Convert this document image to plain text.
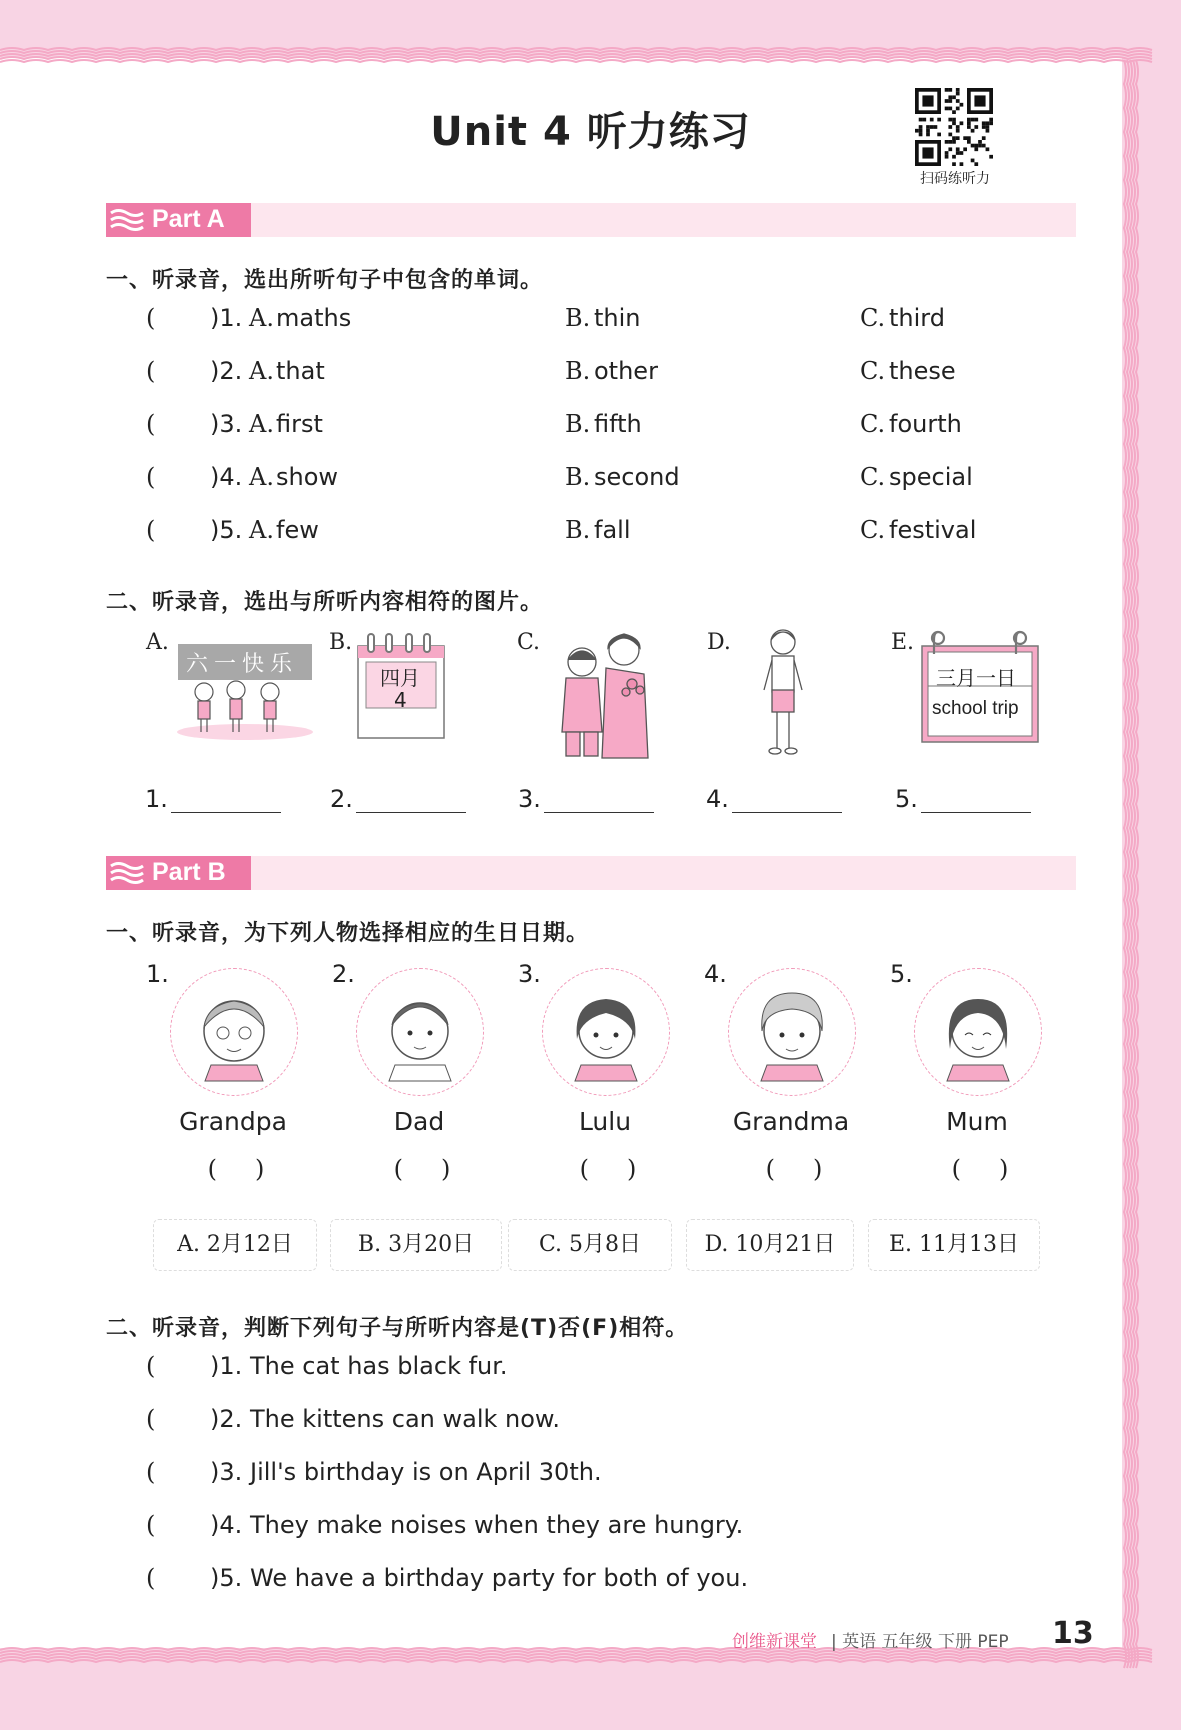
Unit 4 听力练习
扫码练听力
Part A
一、听录音，选出所听句子中包含的单词。
( )1. A. maths	B. thin	C. third
( )2. A. that	B. other	C. these
( )3. A. first	B. fifth	C. fourth
( )4. A. show	B. second	C. special
( )5. A. few	B. fall	C. festival
二、听录音，选出与所听内容相符的图片。
A.	B.	C.	D.	E.
六一快乐
四月
4
三月一日
school trip
1.	2.	3.	4.	5.
Part B
一、听录音，为下列人物选择相应的生日日期。
1.
Grandpa
()
2.
Dad
()
3.
Lulu
()
4.
Grandma
()
5.
Mum
()
A. 2月12日	B. 3月20日	C. 5月8日	D. 10月21日	E. 11月13日
二、听录音，判断下列句子与所听内容是(T)否(F)相符。
( )1. The cat has black fur.
( )2. The kittens can walk now.
( )3. Jill's birthday is on April 30th.
( )4. They make noises when they are hungry.
( )5. We have a birthday party for both of you.
创维新课堂 | 英语 五年级 下册 PEP 13
